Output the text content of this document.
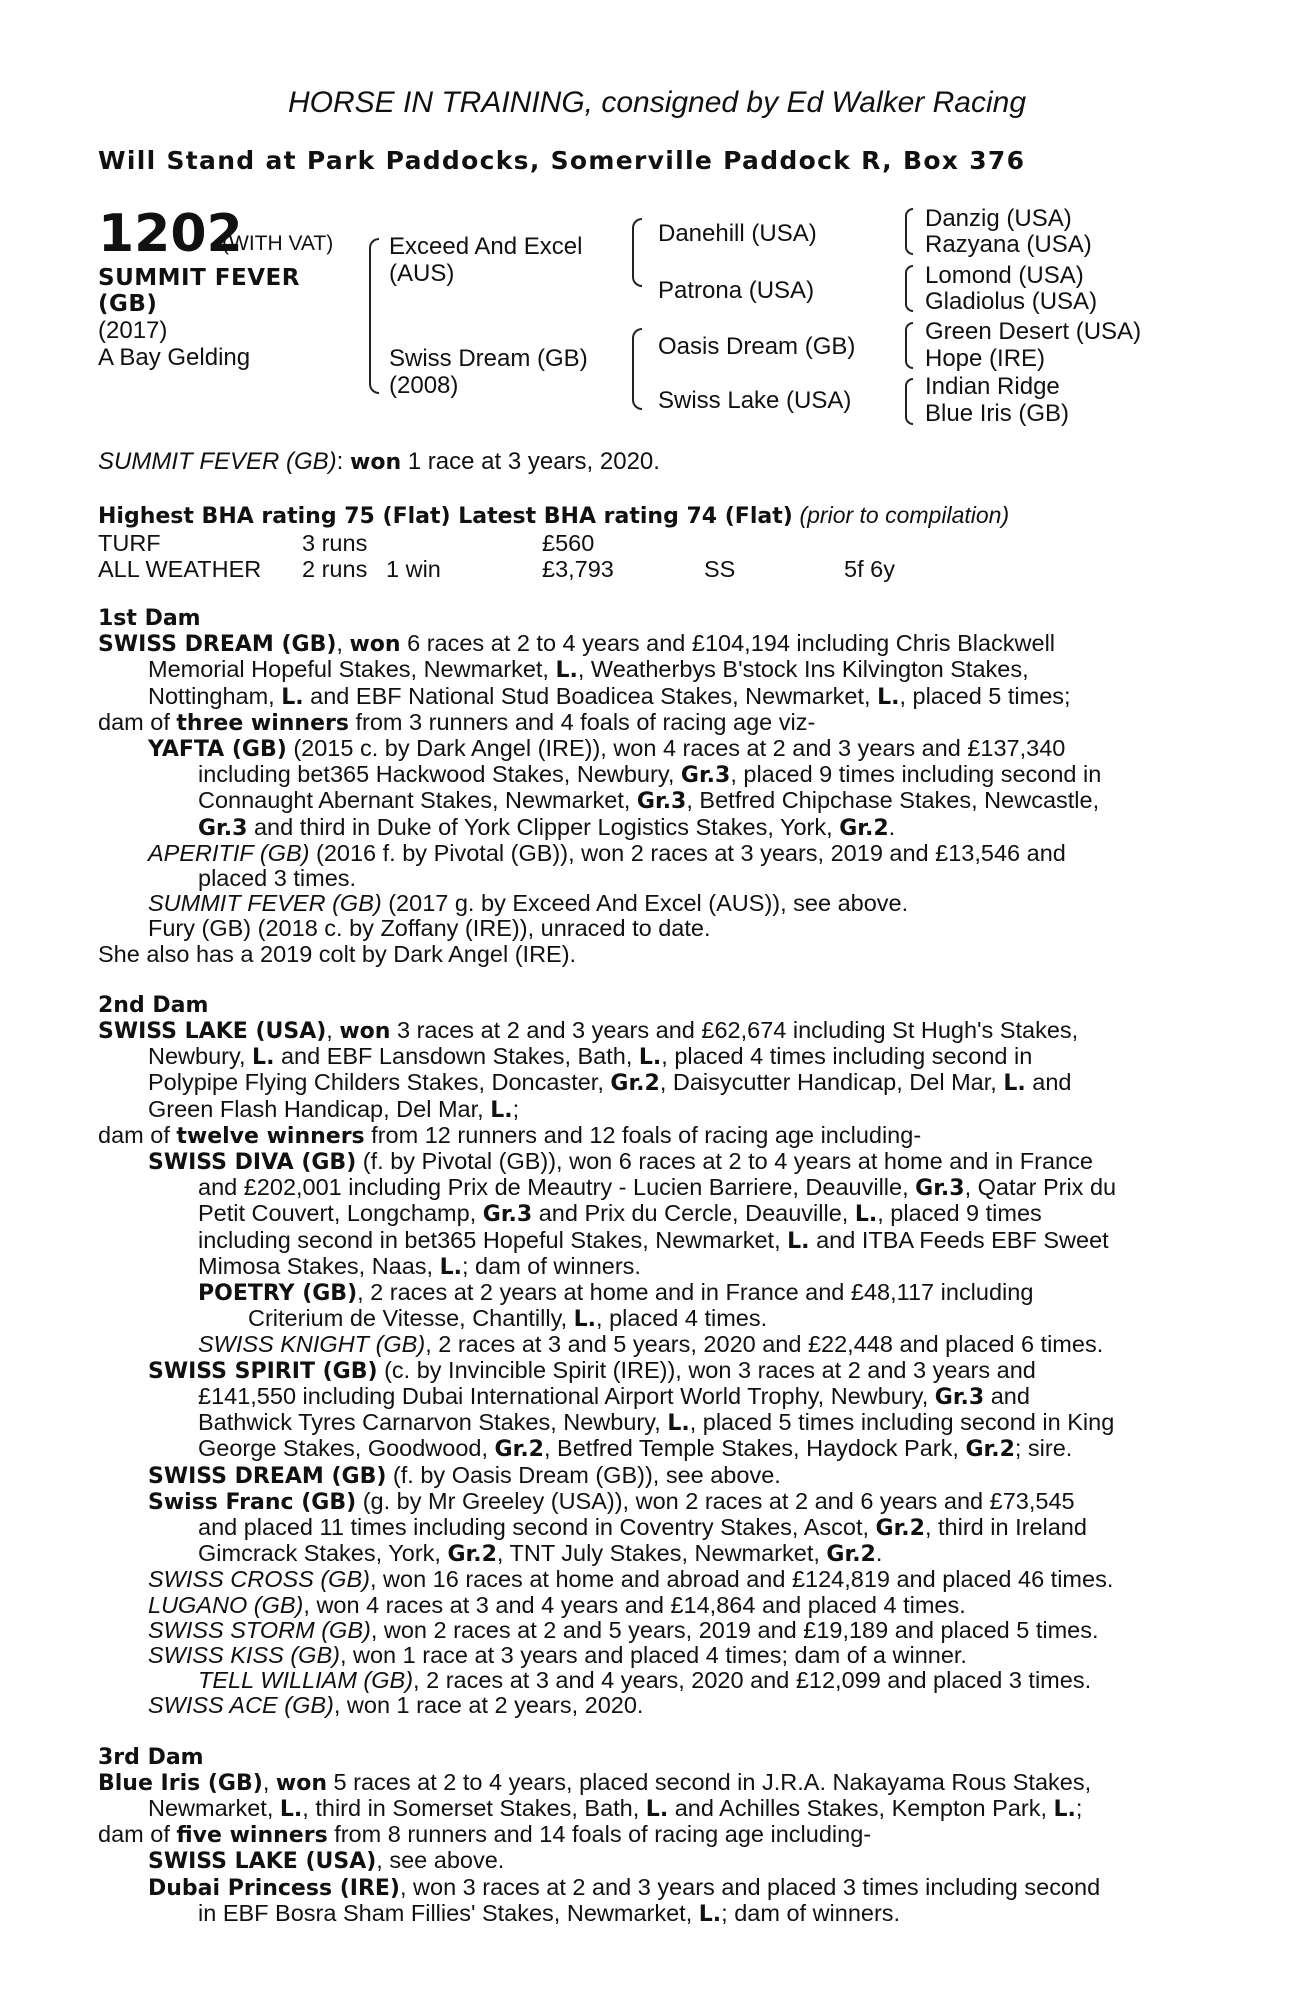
HORSE IN TRAINING, consigned by Ed Walker Racing
Will Stand at Park Paddocks, Somerville Paddock R, Box 376
1202
(WITH VAT)
SUMMIT FEVER
(GB)
(2017)
A Bay Gelding
Exceed And Excel
(AUS)
Swiss Dream (GB)
(2008)
Danehill (USA)
Patrona (USA)
Oasis Dream (GB)
Swiss Lake (USA)
Danzig (USA)
Razyana (USA)
Lomond (USA)
Gladiolus (USA)
Green Desert (USA)
Hope (IRE)
Indian Ridge
Blue Iris (GB)
SUMMIT FEVER (GB): won 1 race at 3 years, 2020.
Highest BHA rating 75 (Flat) Latest BHA rating 74 (Flat) (prior to compilation)
TURF	3 runs	£560
ALL WEATHER 2 runs 1 win	£3,793	SS	5f 6y

1st Dam

SWISS DREAM (GB), won 6 races at 2 to 4 years and £104,194 including Chris Blackwell

Memorial Hopeful Stakes, Newmarket, L., Weatherbys B'stock Ins Kilvington Stakes,

Nottingham, L. and EBF National Stud Boadicea Stakes, Newmarket, L., placed 5 times;

dam of three winners from 3 runners and 4 foals of racing age viz-

YAFTA (GB) (2015 c. by Dark Angel (IRE)), won 4 races at 2 and 3 years and £137,340

including bet365 Hackwood Stakes, Newbury, Gr.3, placed 9 times including second in

Connaught Abernant Stakes, Newmarket, Gr.3, Betfred Chipchase Stakes, Newcastle,

Gr.3 and third in Duke of York Clipper Logistics Stakes, York, Gr.2.

APERITIF (GB) (2016 f. by Pivotal (GB)), won 2 races at 3 years, 2019 and £13,546 and

placed 3 times.

SUMMIT FEVER (GB) (2017 g. by Exceed And Excel (AUS)), see above.

Fury (GB) (2018 c. by Zoffany (IRE)), unraced to date.

She also has a 2019 colt by Dark Angel (IRE).

2nd Dam

SWISS LAKE (USA), won 3 races at 2 and 3 years and £62,674 including St Hugh's Stakes,

Newbury, L. and EBF Lansdown Stakes, Bath, L., placed 4 times including second in

Polypipe Flying Childers Stakes, Doncaster, Gr.2, Daisycutter Handicap, Del Mar, L. and

Green Flash Handicap, Del Mar, L.;

dam of twelve winners from 12 runners and 12 foals of racing age including-

SWISS DIVA (GB) (f. by Pivotal (GB)), won 6 races at 2 to 4 years at home and in France

and £202,001 including Prix de Meautry - Lucien Barriere, Deauville, Gr.3, Qatar Prix du

Petit Couvert, Longchamp, Gr.3 and Prix du Cercle, Deauville, L., placed 9 times

including second in bet365 Hopeful Stakes, Newmarket, L. and ITBA Feeds EBF Sweet

Mimosa Stakes, Naas, L.; dam of winners.

POETRY (GB), 2 races at 2 years at home and in France and £48,117 including

Criterium de Vitesse, Chantilly, L., placed 4 times.

SWISS KNIGHT (GB), 2 races at 3 and 5 years, 2020 and £22,448 and placed 6 times.

SWISS SPIRIT (GB) (c. by Invincible Spirit (IRE)), won 3 races at 2 and 3 years and

£141,550 including Dubai International Airport World Trophy, Newbury, Gr.3 and

Bathwick Tyres Carnarvon Stakes, Newbury, L., placed 5 times including second in King

George Stakes, Goodwood, Gr.2, Betfred Temple Stakes, Haydock Park, Gr.2; sire.

SWISS DREAM (GB) (f. by Oasis Dream (GB)), see above.

Swiss Franc (GB) (g. by Mr Greeley (USA)), won 2 races at 2 and 6 years and £73,545

and placed 11 times including second in Coventry Stakes, Ascot, Gr.2, third in Ireland

Gimcrack Stakes, York, Gr.2, TNT July Stakes, Newmarket, Gr.2.

SWISS CROSS (GB), won 16 races at home and abroad and £124,819 and placed 46 times.

LUGANO (GB), won 4 races at 3 and 4 years and £14,864 and placed 4 times.

SWISS STORM (GB), won 2 races at 2 and 5 years, 2019 and £19,189 and placed 5 times.

SWISS KISS (GB), won 1 race at 3 years and placed 4 times; dam of a winner.

TELL WILLIAM (GB), 2 races at 3 and 4 years, 2020 and £12,099 and placed 3 times.

SWISS ACE (GB), won 1 race at 2 years, 2020.

3rd Dam

Blue Iris (GB), won 5 races at 2 to 4 years, placed second in J.R.A. Nakayama Rous Stakes,

Newmarket, L., third in Somerset Stakes, Bath, L. and Achilles Stakes, Kempton Park, L.;

dam of five winners from 8 runners and 14 foals of racing age including-

SWISS LAKE (USA), see above.

Dubai Princess (IRE), won 3 races at 2 and 3 years and placed 3 times including second

in EBF Bosra Sham Fillies' Stakes, Newmarket, L.; dam of winners.
